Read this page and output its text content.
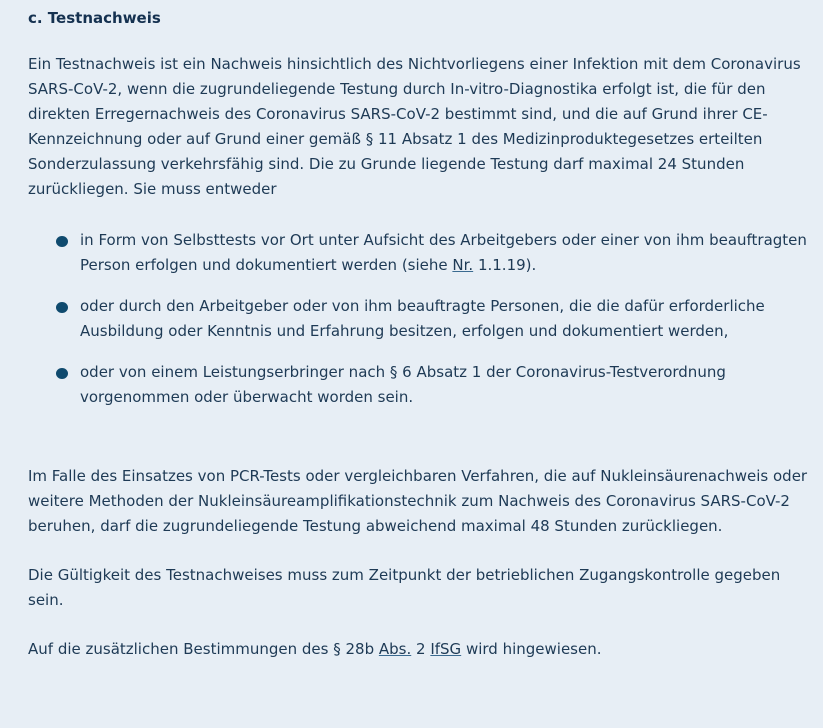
c. Testnachweis

Ein Testnachweis ist ein Nachweis hinsichtlich des Nichtvorliegens einer Infektion mit dem Coronavirus SARS-CoV-2, wenn die zugrundeliegende Testung durch In-vitro-Diagnostika erfolgt ist, die für den direkten Erregernachweis des Coronavirus SARS-CoV-2 bestimmt sind, und die auf Grund ihrer CE-Kennzeichnung oder auf Grund einer gemäß § 11 Absatz 1 des Medizinproduktegesetzes erteilten Sonderzulassung verkehrsfähig sind. Die zu Grunde liegende Testung darf maximal 24 Stunden zurückliegen. Sie muss entweder

in Form von Selbsttests vor Ort unter Aufsicht des Arbeitgebers oder einer von ihm beauftragten Person erfolgen und dokumentiert werden (siehe Nr. 1.1.19).
oder durch den Arbeitgeber oder von ihm beauftragte Personen, die die dafür erforderliche Ausbildung oder Kenntnis und Erfahrung besitzen, erfolgen und dokumentiert werden,
oder von einem Leistungserbringer nach § 6 Absatz 1 der Coronavirus-Testverordnung vorgenommen oder überwacht worden sein.

Im Falle des Einsatzes von PCR-Tests oder vergleichbaren Verfahren, die auf Nukleinsäurenachweis oder weitere Methoden der Nukleinsäureamplifikationstechnik zum Nachweis des Coronavirus SARS-CoV-2 beruhen, darf die zugrundeliegende Testung abweichend maximal 48 Stunden zurückliegen.

Die Gültigkeit des Testnachweises muss zum Zeitpunkt der betrieblichen Zugangskontrolle gegeben sein.

Auf die zusätzlichen Bestimmungen des § 28b Abs. 2 IfSG wird hingewiesen.
